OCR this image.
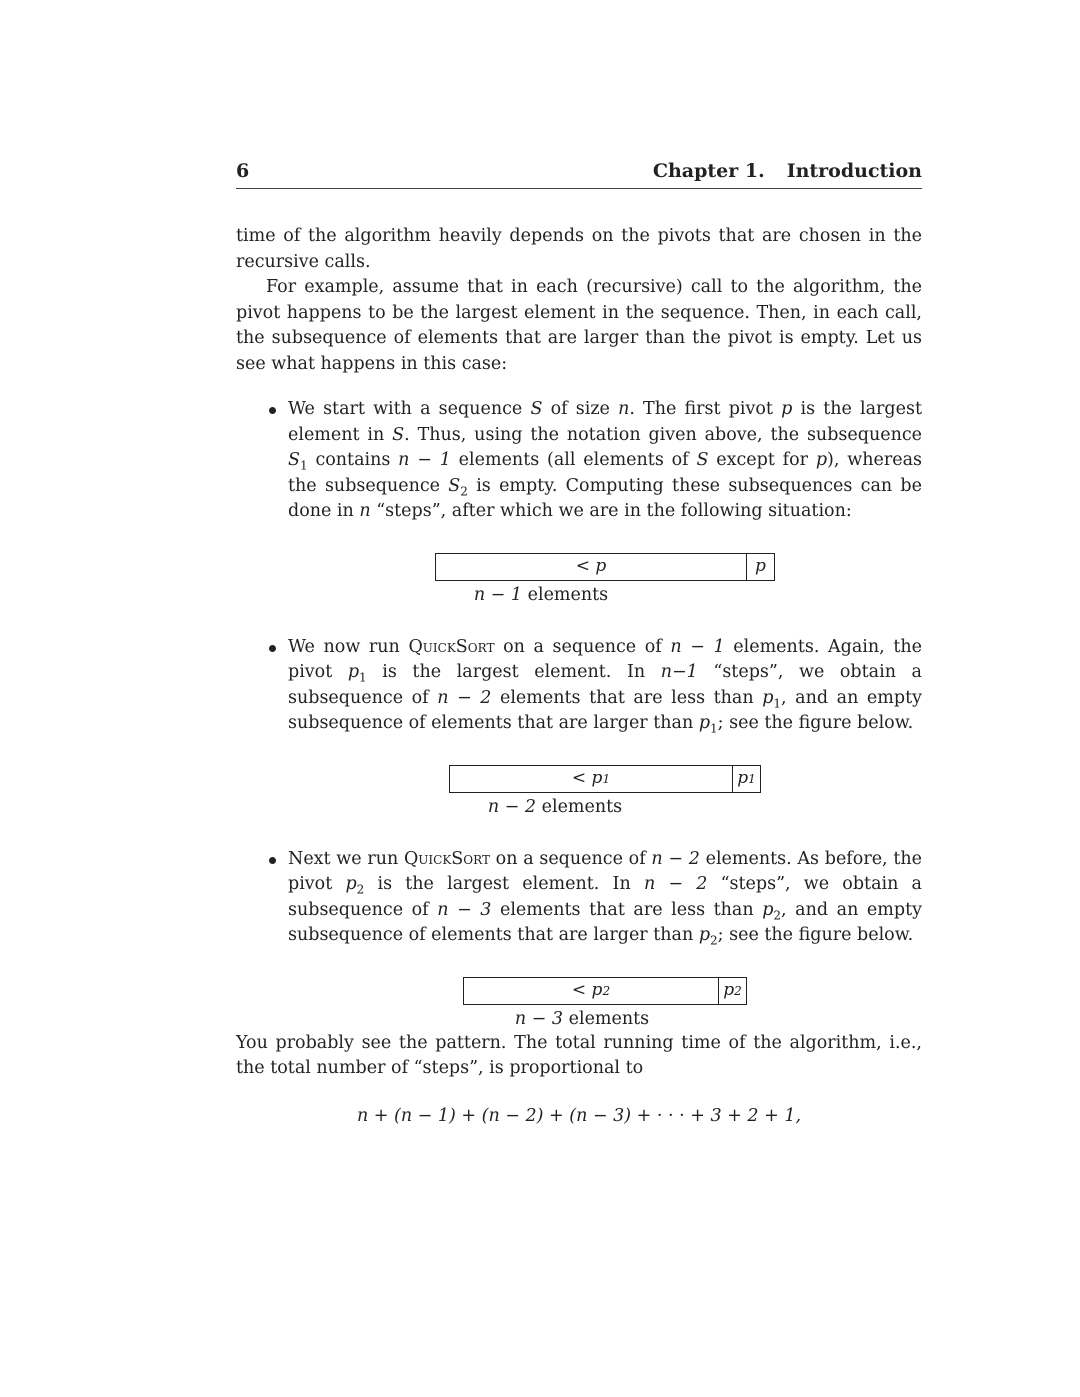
6	Chapter 1. Introduction

time of the algorithm heavily depends on the pivots that are chosen in the recursive calls.

For example, assume that in each (recursive) call to the algorithm, the pivot happens to be the largest element in the sequence. Then, in each call, the subsequence of elements that are larger than the pivot is empty. Let us see what happens in this case:

We start with a sequence S of size n. The first pivot p is the largest element in S. Thus, using the notation given above, the subsequence $S_1$ contains n − 1 elements (all elements of S except for p), whereas the subsequence $S_2$ is empty. Computing these subsequences can be done in n “steps”, after which we are in the following situation:
< p	p
n − 1 elements
We now run QuickSort on a sequence of n − 1 elements. Again, the pivot $p_1$ is the largest element. In n−1 “steps”, we obtain a subsequence of n − 2 elements that are less than $p_1$, and an empty subsequence of elements that are larger than $p_1$; see the figure below.
< p 1	p 1
n − 2 elements
Next we run QuickSort on a sequence of n − 2 elements. As before, the pivot $p_2$ is the largest element. In n − 2 “steps”, we obtain a subsequence of n − 3 elements that are less than $p_2$, and an empty subsequence of elements that are larger than $p_2$; see the figure below.
< p 2	p 2
n − 3 elements

You probably see the pattern. The total running time of the algorithm, i.e., the total number of “steps”, is proportional to

n + (n − 1) + (n − 2) + (n − 3) + · · · + 3 + 2 + 1,
